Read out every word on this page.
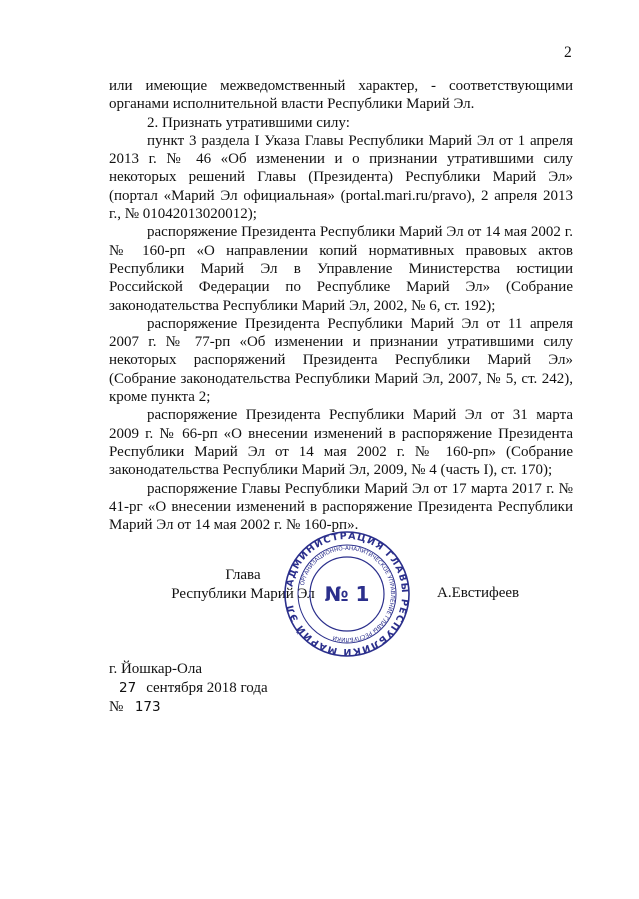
2

или имеющие межведомственный характер, - соответствующими органами исполнительной власти Республики Марий Эл.

2. Признать утратившими силу:

пункт 3 раздела I Указа Главы Республики Марий Эл от 1 апреля 2013 г. № 46 «Об изменении и о признании утратившими силу некоторых решений Главы (Президента) Республики Марий Эл» (портал «Марий Эл официальная» (portal.mari.ru/pravo), 2 апреля 2013 г., № 01042013020012);

распоряжение Президента Республики Марий Эл от 14 мая 2002 г. № 160-рп «О направлении копий нормативных правовых актов Республики Марий Эл в Управление Министерства юстиции Российской Федерации по Республике Марий Эл» (Собрание законодательства Республики Марий Эл, 2002, № 6, ст. 192);

распоряжение Президента Республики Марий Эл от 11 апреля 2007 г. № 77-рп «Об изменении и признании утратившими силу некоторых распоряжений Президента Республики Марий Эл» (Собрание законодательства Республики Марий Эл, 2007, № 5, ст. 242), кроме пункта 2;

распоряжение Президента Республики Марий Эл от 31 марта 2009 г. № 66-рп «О внесении изменений в распоряжение Президента Республики Марий Эл от 14 мая 2002 г. № 160-рп» (Собрание законодательства Республики Марий Эл, 2009, № 4 (часть I), ст. 170);

распоряжение Главы Республики Марий Эл от 17 марта 2017 г. № 41-рг «О внесении изменений в распоряжение Президента Республики Марий Эл от 14 мая 2002 г. № 160-рп».

Глава
Республики Марий Эл
АДМИНИСТРАЦИЯ ГЛАВЫ РЕСПУБЛИКИ МАРИЙ ЭЛ
ОРГАНИЗАЦИОННО-АНАЛИТИЧЕСКОЕ УПРАВЛЕНИЕ ГЛАВЫ РЕСПУБЛИКИ
№ 1	А.Евстифеев
г. Йошкар-Ола
27 сентября 2018 года
№ 173
